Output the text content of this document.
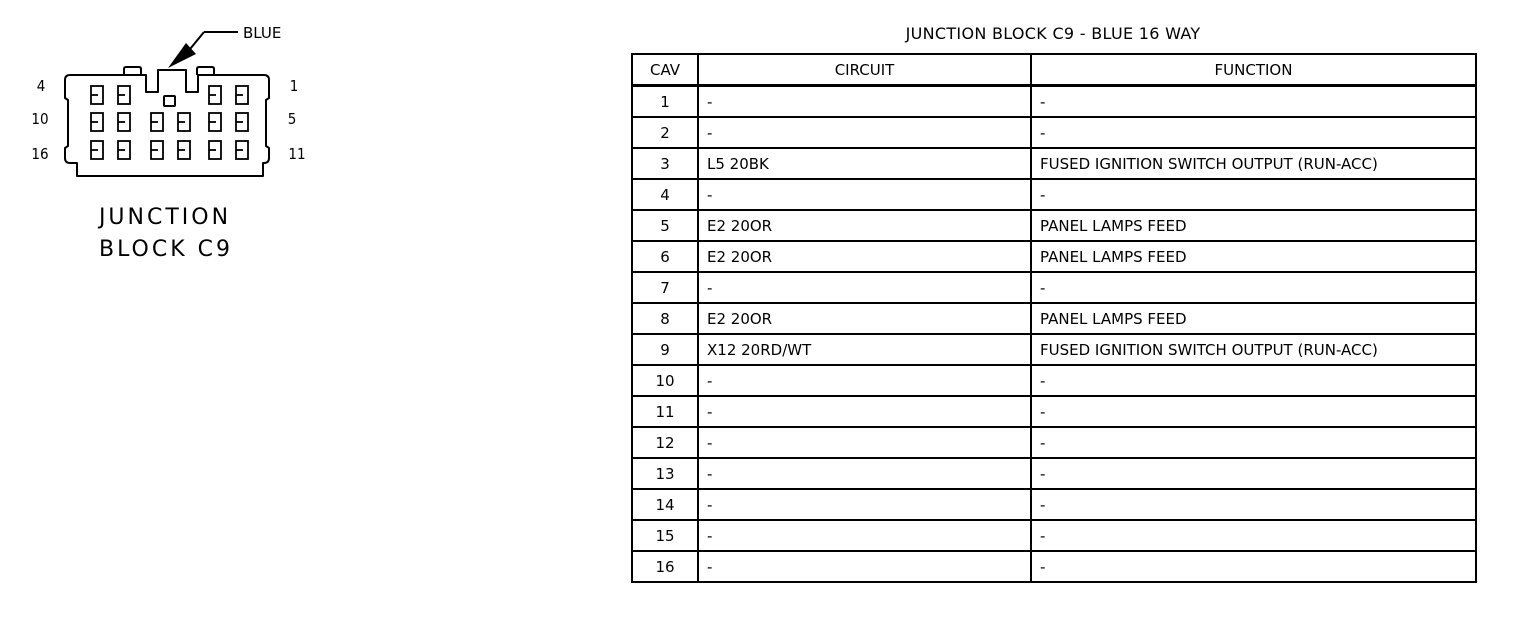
BLUE
4	1
10	5
16	11
JUNCTION
BLOCK C9
JUNCTION BLOCK C9 - BLUE 16 WAY
CAV	CIRCUIT	FUNCTION
1	-	-
2	-	-
3	L5 20BK	FUSED IGNITION SWITCH OUTPUT (RUN-ACC)
4	-	-
5	E2 20OR	PANEL LAMPS FEED
6	E2 20OR	PANEL LAMPS FEED
7	-	-
8	E2 20OR	PANEL LAMPS FEED
9	X12 20RD/WT	FUSED IGNITION SWITCH OUTPUT (RUN-ACC)
10	-	-
11	-	-
12	-	-
13	-	-
14	-	-
15	-	-
16	-	-
